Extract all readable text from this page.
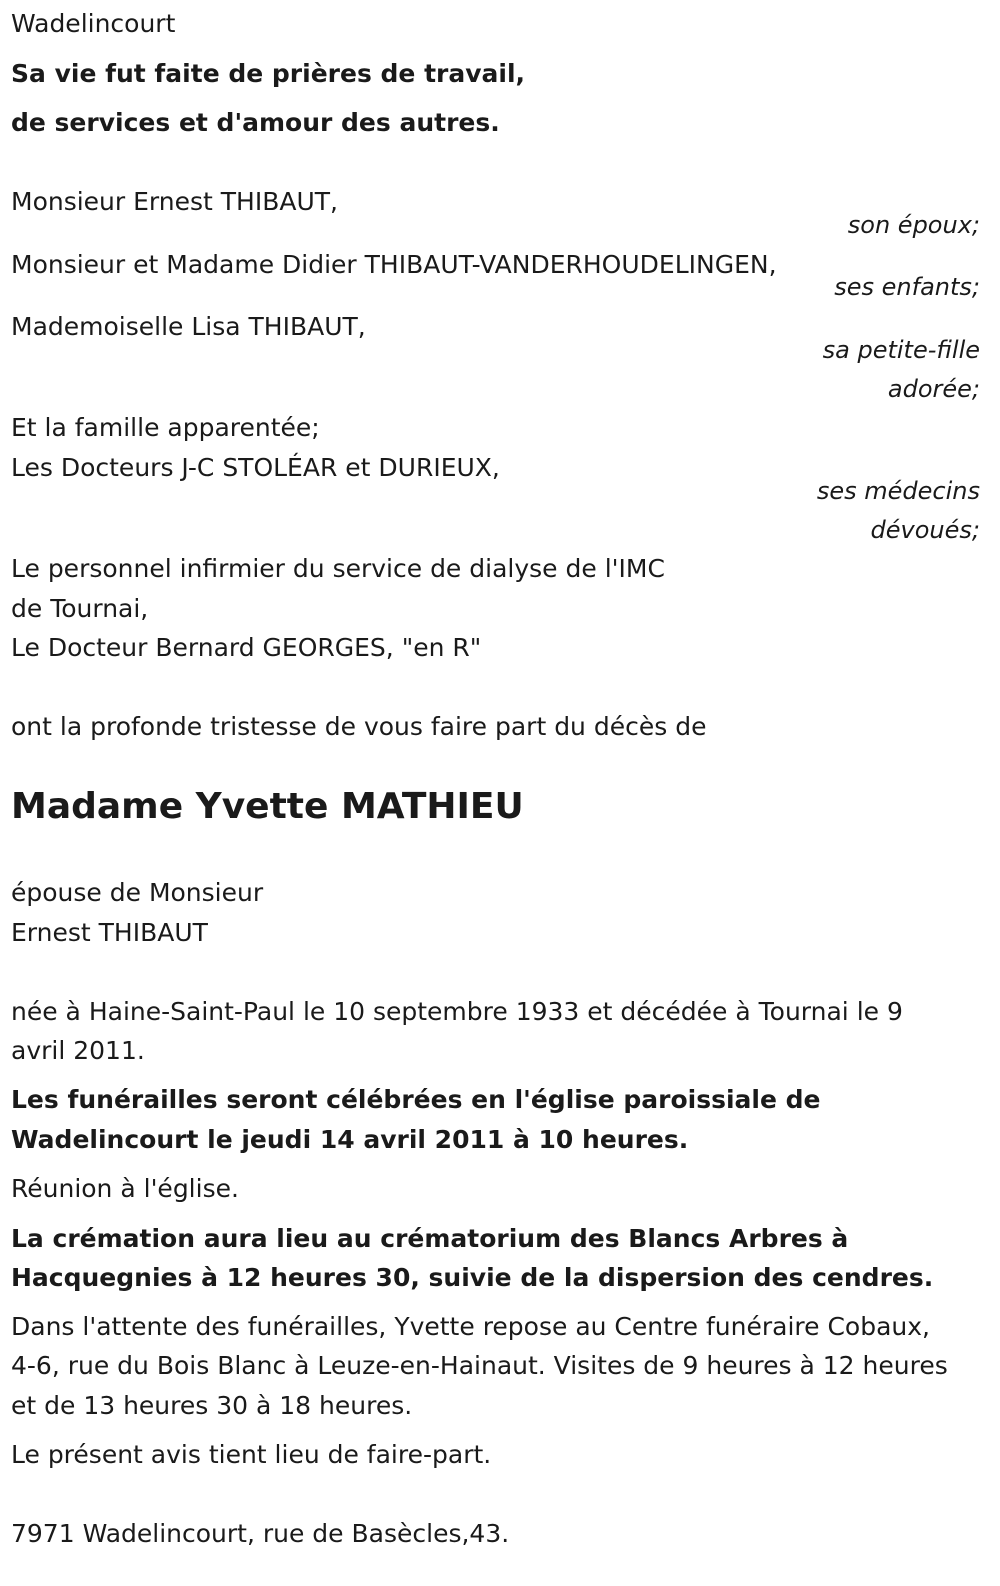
Wadelincourt

Sa vie fut faite de prières de travail,

de services et d'amour des autres.

Monsieur Ernest THIBAUT,

son époux;

Monsieur et Madame Didier THIBAUT-VANDERHOUDELINGEN,

ses enfants;

Mademoiselle Lisa THIBAUT,

sa petite-fille

adorée;

Et la famille apparentée;

Les Docteurs J-C STOLÉAR et DURIEUX,

ses médecins

dévoués;

Le personnel infirmier du service de dialyse de l'IMC

de Tournai,

Le Docteur Bernard GEORGES, "en R"

ont la profonde tristesse de vous faire part du décès de

Madame Yvette MATHIEU

épouse de Monsieur

Ernest THIBAUT

née à Haine-Saint-Paul le 10 septembre 1933 et décédée à Tournai le 9

avril 2011.

Les funérailles seront célébrées en l'église paroissiale de

Wadelincourt le jeudi 14 avril 2011 à 10 heures.

Réunion à l'église.

La crémation aura lieu au crématorium des Blancs Arbres à

Hacquegnies à 12 heures 30, suivie de la dispersion des cendres.

Dans l'attente des funérailles, Yvette repose au Centre funéraire Cobaux,

4-6, rue du Bois Blanc à Leuze-en-Hainaut. Visites de 9 heures à 12 heures

et de 13 heures 30 à 18 heures.

Le présent avis tient lieu de faire-part.

7971 Wadelincourt, rue de Basècles,43.
